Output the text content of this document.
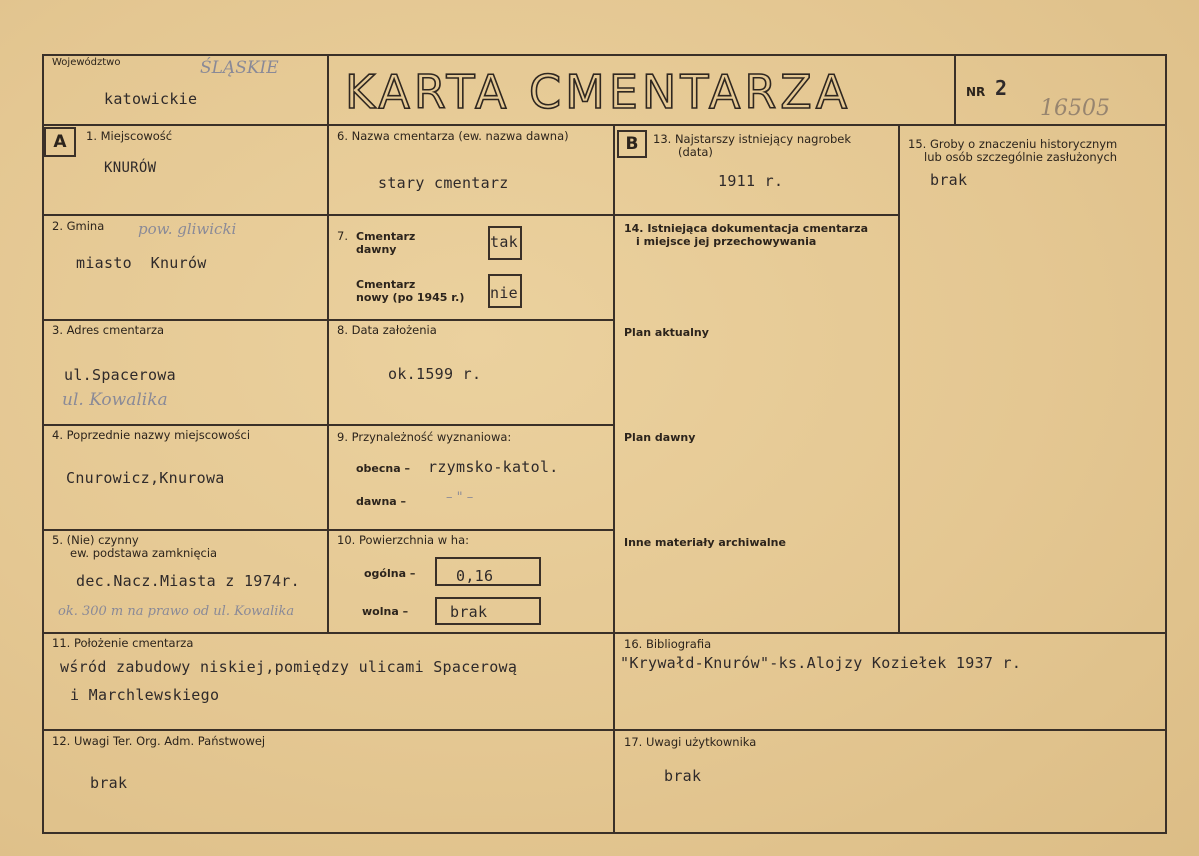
Województwo	ŚLĄSKIE
katowickie	KARTA CMENTARZA	NR 2
16505
A	B
1. Miejscowość
KNURÓW
2. Gmina pow. gliwicki
miasto  Knurów
3. Adres cmentarza
ul.Spacerowa
ul. Kowalika
4. Poprzednie nazwy miejscowości
Cnurowicz,Knurowa
5. (Nie) czynny
ew. podstawa zamknięcia
dec.Nacz.Miasta z 1974r.
ok. 300 m na prawo od ul. Kowalika
6. Nazwa cmentarza (ew. nazwa dawna)
stary cmentarz
7. Cmentarz
dawny	tak
Cmentarz
nowy (po 1945 r.) nie
8. Data założenia
ok.1599 r.
9. Przynależność wyznaniowa:
obecna – rzymsko-katol.
dawna –	– " –
10. Powierzchnia w ha:
ogólna –	0,16
wolna –	brak
11. Położenie cmentarza
wśród zabudowy niskiej,pomiędzy ulicami Spacerową
i Marchlewskiego
12. Uwagi Ter. Org. Adm. Państwowej
brak
13. Najstarszy istniejący nagrobek
(data)
1911 r.
14. Istniejąca dokumentacja cmentarza
i miejsce jej przechowywania
Plan aktualny
Plan dawny
Inne materiały archiwalne
15. Groby o znaczeniu historycznym
lub osób szczególnie zasłużonych
brak
16. Bibliografia
"Krywałd-Knurów"-ks.Alojzy Koziełek 1937 r.
17. Uwagi użytkownika
brak
